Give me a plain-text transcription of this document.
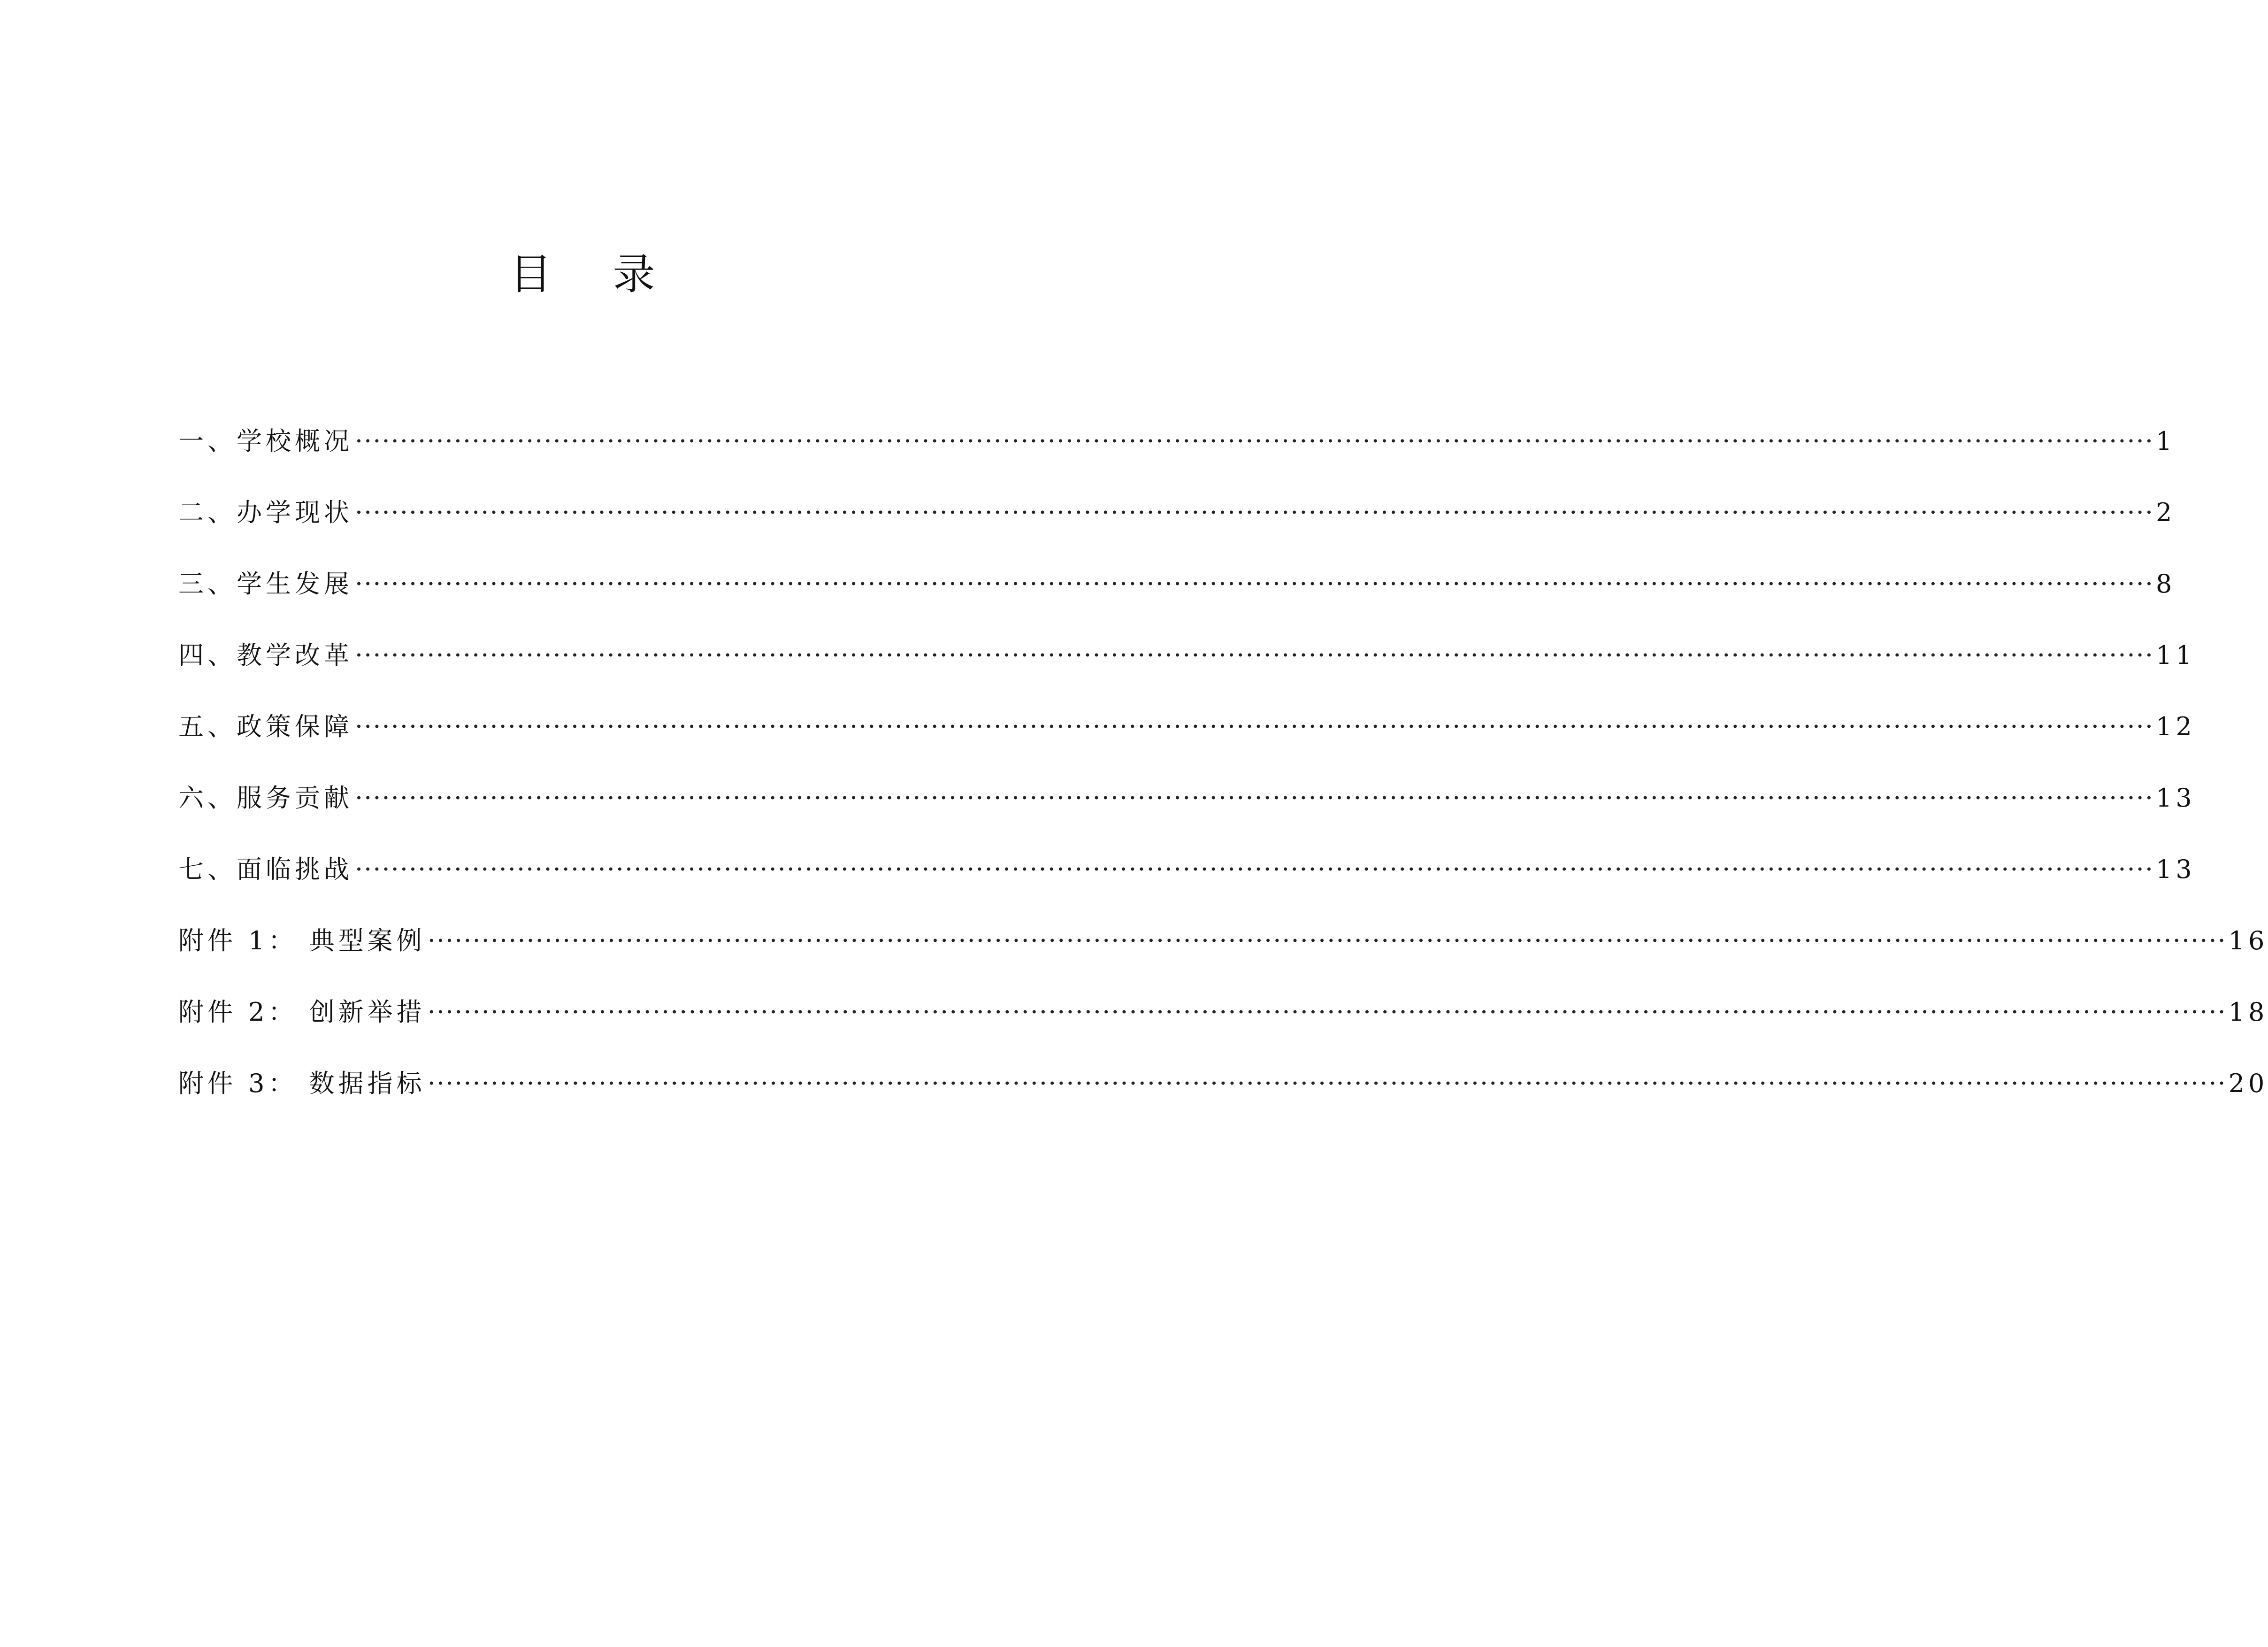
目 录
一、学校概况 ········································································································································································································ 1
二、办学现状 ········································································································································································································ 2
三、学生发展 ········································································································································································································ 8
四、教学改革 ········································································································································································································ 11
五、政策保障 ········································································································································································································ 12
六、服务贡献 ········································································································································································································ 13
七、面临挑战 ········································································································································································································ 13
附件 1： 典型案例 ········································································································································································································ 16
附件 2： 创新举措 ········································································································································································································ 18
附件 3： 数据指标 ········································································································································································································ 20
